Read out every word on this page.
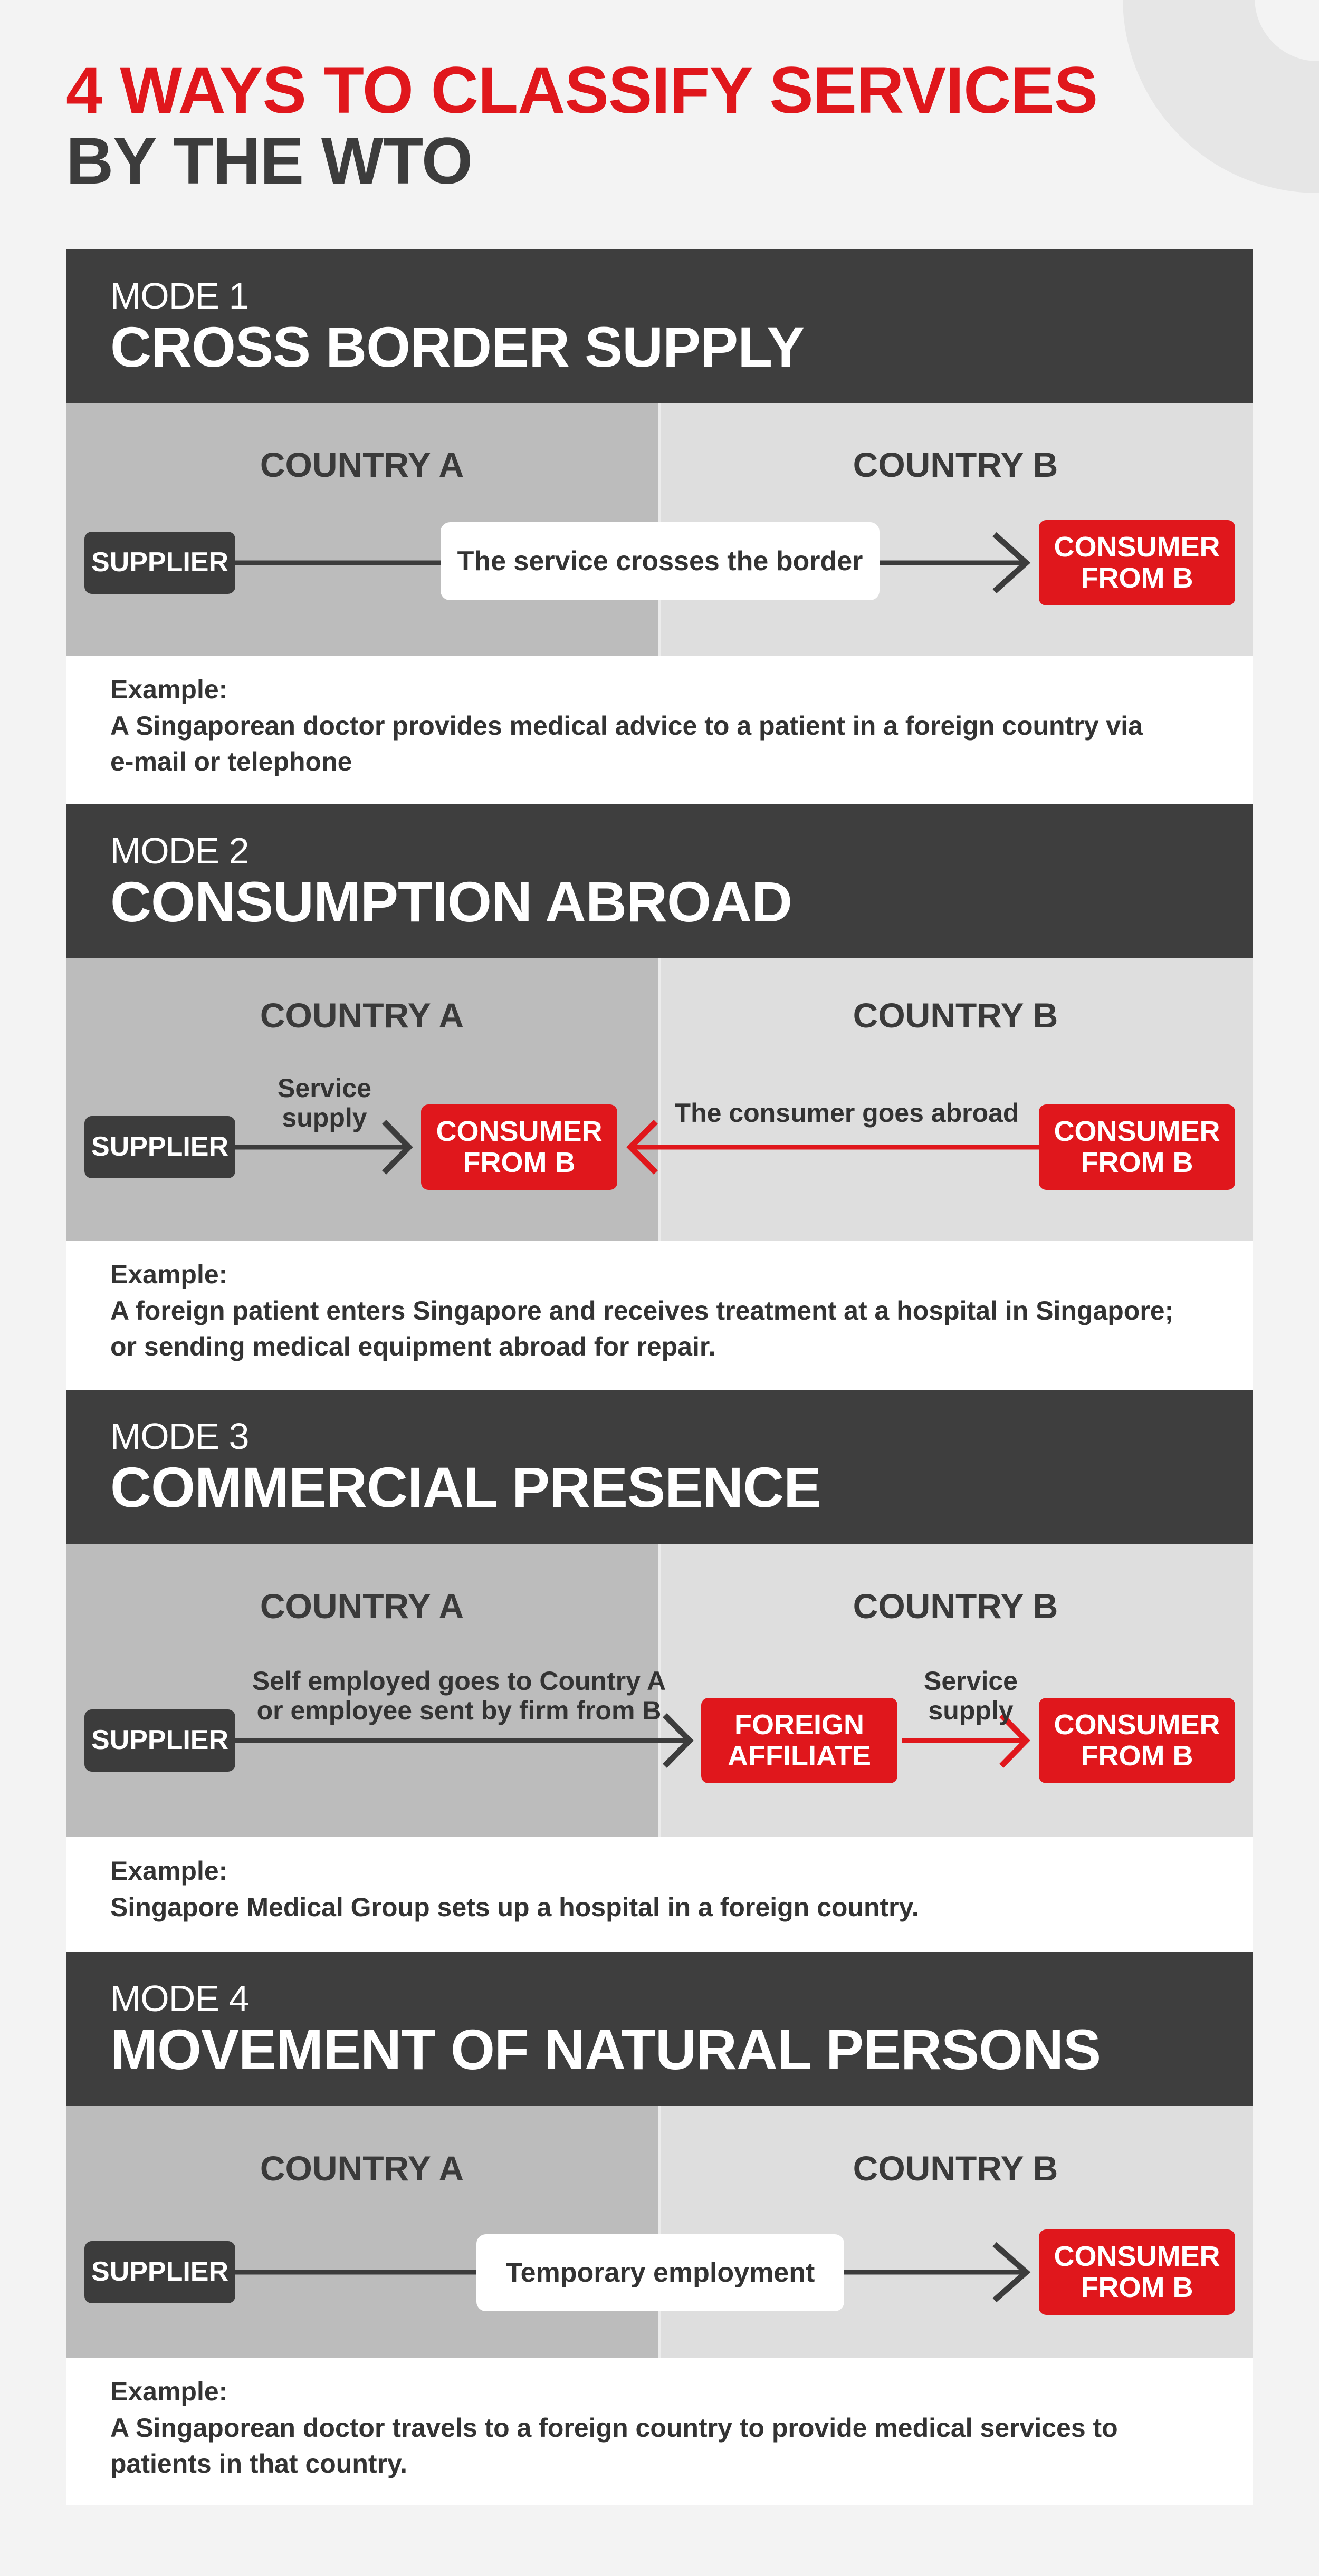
4 WAYS TO CLASSIFY SERVICES
BY THE WTO
MODE 1
CROSS BORDER SUPPLY
COUNTRY A	COUNTRY B
SUPPLIER	The service crosses the border	CONSUMER
FROM B
Example:
A Singaporean doctor provides medical advice to a patient in a foreign country via
e-mail or telephone
MODE 2
CONSUMPTION ABROAD
COUNTRY A	COUNTRY B
SUPPLIER
Service
supply	CONSUMER
FROM B
The consumer goes abroad
CONSUMER
FROM B
Example:
A foreign patient enters Singapore and receives treatment at a hospital in Singapore;
or sending medical equipment abroad for repair.
MODE 3
COMMERCIAL PRESENCE
COUNTRY A	COUNTRY B
SUPPLIER
Self employed goes to Country A
or employee sent by firm from B	FOREIGN
AFFILIATE
Service
supply	CONSUMER
FROM B
Example:
Singapore Medical Group sets up a hospital in a foreign country.
MODE 4
MOVEMENT OF NATURAL PERSONS
COUNTRY A	COUNTRY B
SUPPLIER	Temporary employment
CONSUMER
FROM B
Example:
A Singaporean doctor travels to a foreign country to provide medical services to
patients in that country.
